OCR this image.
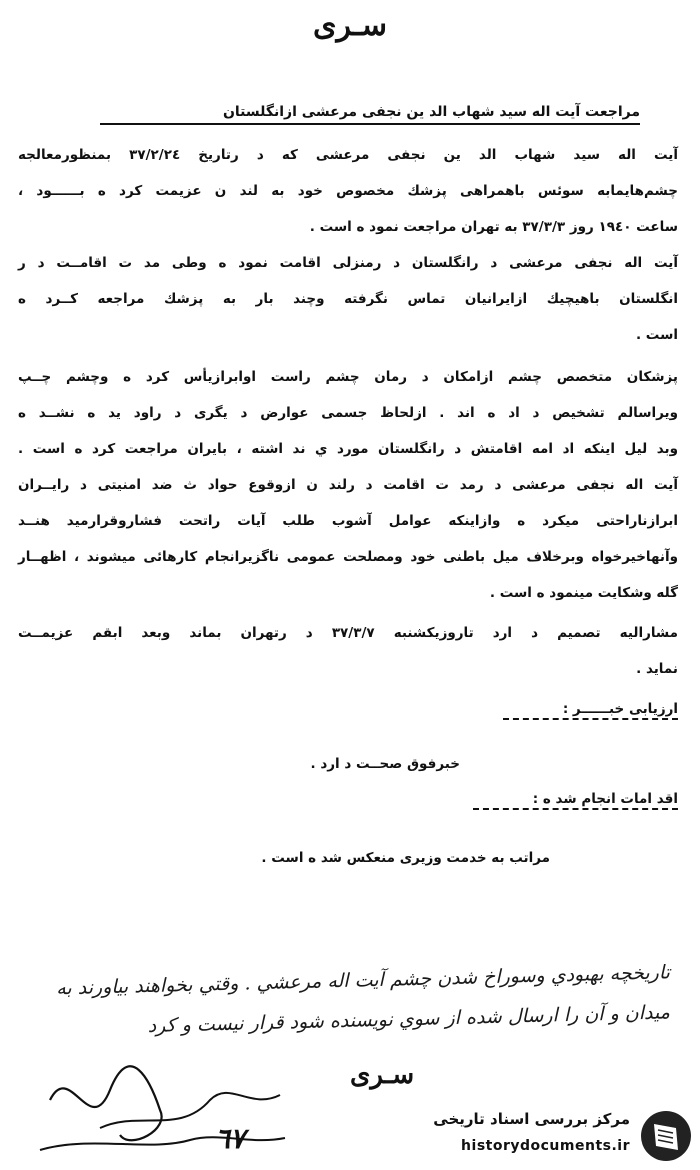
سـرى
مراجعت آيت اله سيد شهاب الد ين نجفى مرعشى ازانگلستان
آيت اله سيد شهاب الد ين نجفى مرعشى كه د رتاريخ ٣٧/٢/٢٤ بمنظورمعالجه
چشم‌هايمابه سوئس باهمراهى پزشك مخصوص خود به لند ن عزيمت كرد ه بــــــود ،
ساعت ١٩٤٠ روز ٣٧/٣/٣ به تهران مراجعت نمود ه است .
آيت اله نجفى مرعشى د رانگلستان د رمنزلى اقامت نمود ه وطى مد ت اقامــت د ر
انگلستان باهيچيك ازايرانيان تماس نگرفته وچند بار به پزشك مراجعه كــرد ه
است .
پزشكان متخصص چشم ازامكان د رمان چشم راست اوابرازيأس كرد ه وچشم چــپ
ويراسالم تشخيص د اد ه اند . ازلحاظ جسمى عوارض د يگرى د راود يد ه نشــد ه
وبد ليل اينكه اد امه اقامتش د رانگلستان مورد ي ند اشته ، بايران مراجعت كرد ه است .
آيت اله نجفى مرعشى د رمد ت اقامت د رلند ن ازوقوع حواد ث ضد امنيتى د رايــران
ابرازناراحتى ميكرد ه وازاينكه عوامل آشوب طلب آيات راتحت فشاروقرارميد هنــد
وآنهاخيرخواه وبرخلاف ميل باطنى خود ومصلحت عمومى ناگزيرانجام كارهائى ميشوند ، اظهــار
گله وشكايت مينمود ه است .
مشاراليه تصميم د ارد تاروزيكشنبه ٣٧/٣/٧ د رتهران بماند وبعد ابقم عزيمــت
نمايد .
ارزيابى خبــــــر :
خبرفوق صحــت د ارد .
اقد امات انجام شد ه :
مراتب به خدمت وزيرى منعكس شد ه است .
تاريخچه بهبودي وسوراخ شدن چشم آيت اله مرعشي . وقتي بخواهند بياورند به
ميدان و آن را ارسال شده از سوي نويسنده شود قرار نيست و كرد
سـرى
٦٧
مركز بررسى اسناد تاريخى
historydocuments.ir
